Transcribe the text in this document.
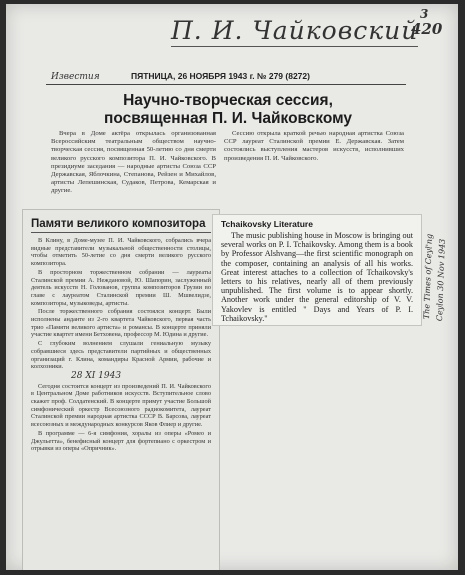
П. И. Чайковский
420
3
Известия	ПЯТНИЦА, 26 НОЯБРЯ 1943 г. № 279 (8272)
Научно-творческая сессия, посвященная П. И. Чайковскому

Вчера в Доме актёра открылась организованная Всероссийским театральным обществом научно-творческая сессия, посвященная 50-летию со дня смерти великого русского композитора П. И. Чайковского. В президиуме заседания — народные артисты Союза ССР Державская, Яблочкина, Степанова, Рейзен и Михайлов, артисты Лепешинская, Судаков, Петрова, Кемарская и другие.

Сессию открыла краткой речью народная артистка Союза ССР лауреат Сталинской премии Е. Державская. Затем состоялись выступления мастеров искусств, исполнивших произведения П. И. Чайковского.

Памяти великого композитора

В Клину, в Доме-музее П. И. Чайковского, собрались вчера видные представители музыкальной общественности столицы, чтобы отметить 50-летие со дня смерти великого русского композитора.

В просторном торжественном собрании — лауреаты Сталинской премии А. Неждановой, Ю. Шапорин, заслуженный деятель искусств Н. Голованов, группа композиторов Грузии во главе с лауреатом Сталинской премии Ш. Мшвелидзе, композиторы, музыковеды, артисты.

После торжественного собрания состоялся концерт. Были исполнены андантe из 2-го квартета Чайковского, первая часть трио «Памяти великого артиста» и романсы. В концерте приняли участие квартет имени Бетховена, профессор М. Юдина и другие.

С глубоким волнением слушали гениальную музыку собравшиеся здесь представители партийных и общественных организаций г. Клина, командиры Красной Армии, рабочие и колхозники.

28 XI 1943

Сегодня состоится концерт из произведений П. И. Чайковского в Центральном Доме работников искусств. Вступительное слово скажет проф. Солдатенский. В концерте примут участие Большой симфонический оркестр Всесоюзного радиокомитета, лауреат Сталинской премии народная артистка СССР В. Барсова, лауреат всесоюзных и международных конкурсов Яков Флиер и другие.

В программе — 6-я симфония, хоралы из оперы «Ромео и Джульетта», бенефисный концерт для фортепиано с оркестром и отрывки из оперы «Опричник».

Tchaikovsky Literature
The music publishing house in Moscow is bringing out several works on P. I. Tchaikovsky. Among them is a book by Professor Alshvang—the first scientific monograph on the composer, containing an analysis of all his works. Great interest attaches to a collection of Tchaikovsky's letters to his relatives, nearly all of them previously unpublished. The first volume is to appear shortly. Another work under the general editorship of V. V. Yakovlev is entitled " Days and Years of P. I. Tchaikovsky."	The Times of Ceyl'ng Ceylon 30 Nov 1943
